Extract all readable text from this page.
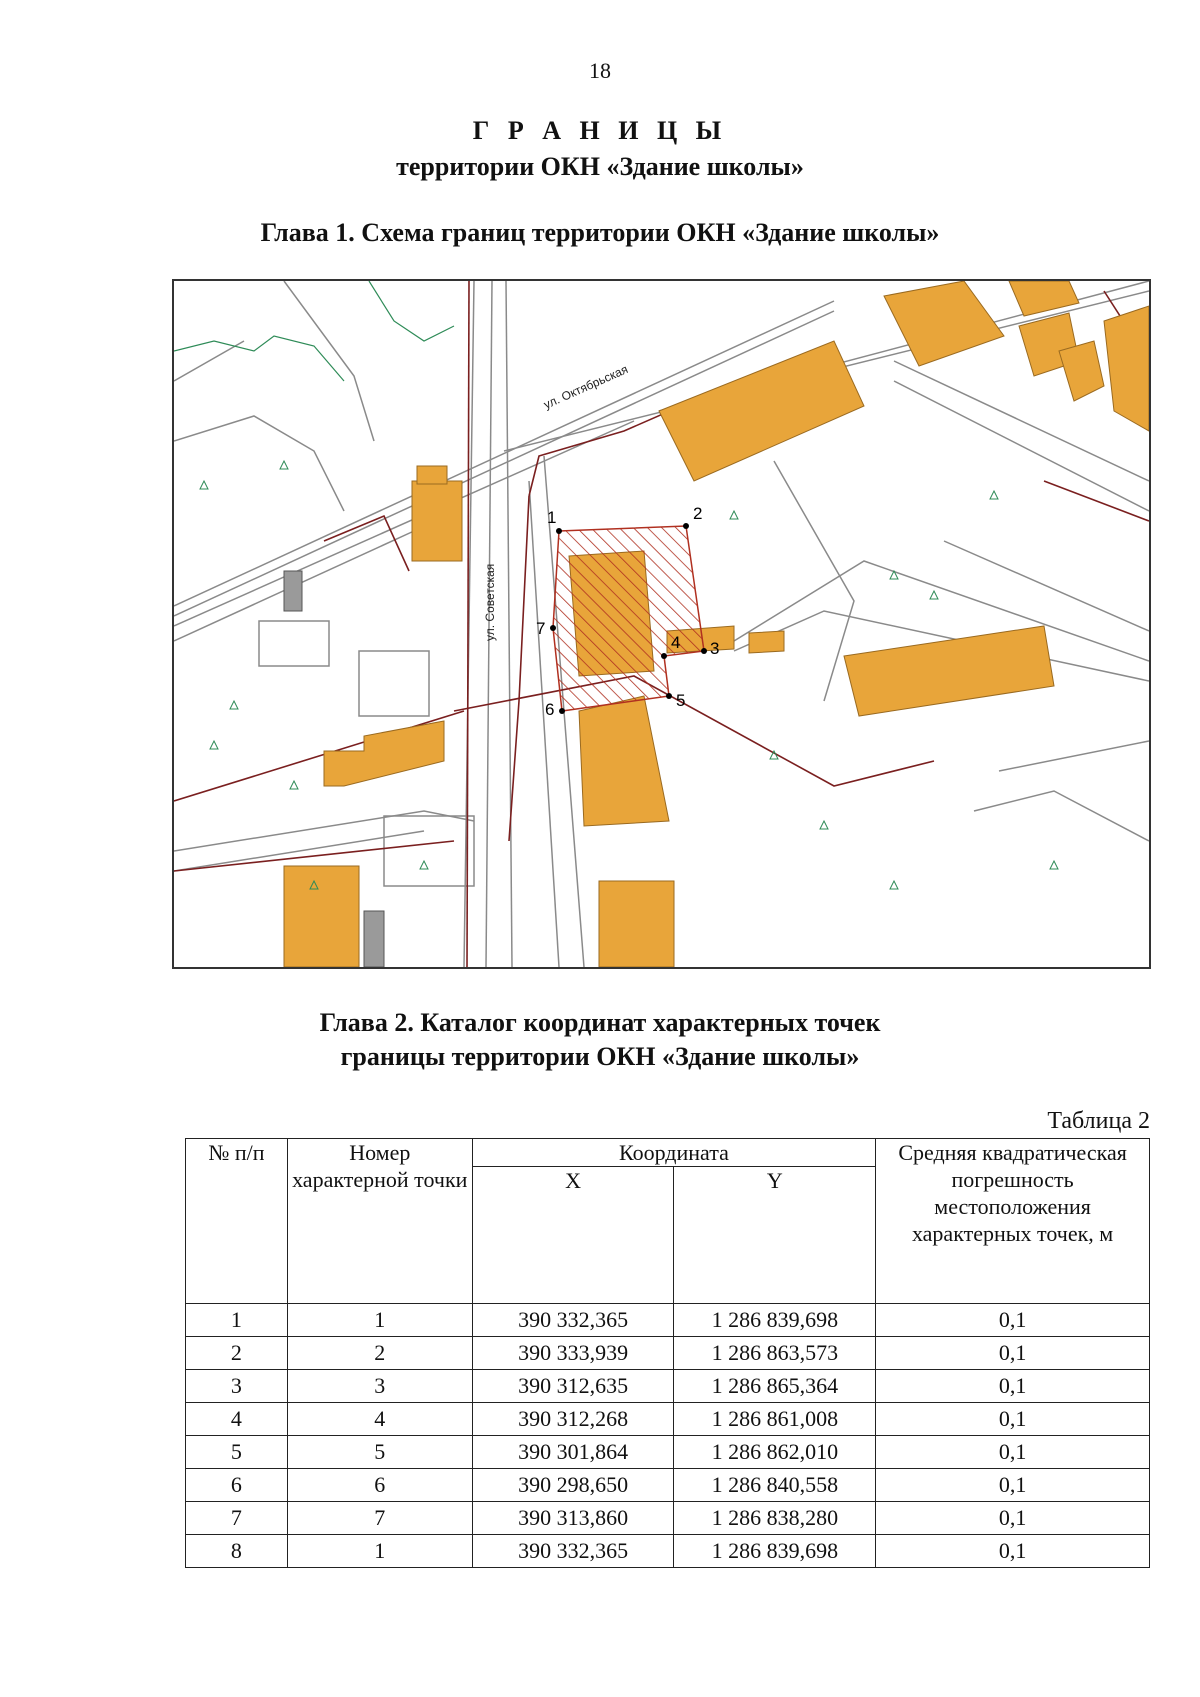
18
Г Р А Н И Ц Ы
территории ОКН «Здание школы»
Глава 1. Схема границ территории ОКН «Здание школы»
1	2
3
4
5
6
7
ул. Октябрьская
ул. Советская
Глава 2. Каталог координат характерных точек
границы территории ОКН «Здание школы»
Таблица 2
№ п/п	Номер характерной точки	Координата		Средняя квадратическая погрешность местоположения характерных точек, м
		X	Y	
1	1	390 332,365	1 286 839,698	0,1
2	2	390 333,939	1 286 863,573	0,1
3	3	390 312,635	1 286 865,364	0,1
4	4	390 312,268	1 286 861,008	0,1
5	5	390 301,864	1 286 862,010	0,1
6	6	390 298,650	1 286 840,558	0,1
7	7	390 313,860	1 286 838,280	0,1
8	1	390 332,365	1 286 839,698	0,1
